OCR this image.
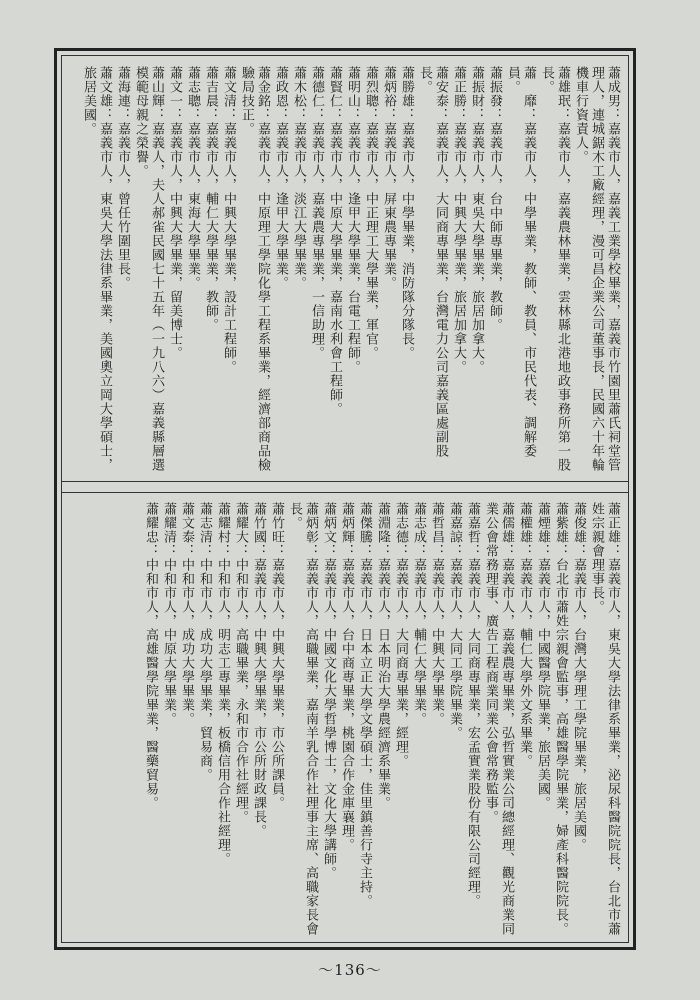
蕭成男：嘉義市人，嘉義工業學校畢業，嘉義市竹園里蕭氏祠堂管理人，連城鋸木工廠經理，漫可昌企業公司董事長，民國六十年輪機車行資責人。
蕭雄珉：嘉義市人，嘉義農林畢業，雲林縣北港地政事務所第一股長。
蕭　靡：嘉義市人，中學畢業，教師、教員、市民代表、調解委員。
蕭振發：嘉義市人，台中師專畢業，教師。
蕭振財：嘉義市人，東吳大學畢業，旅居加拿大。
蕭正勝：嘉義市人，中興大學畢業，旅居加拿大。
蕭安泰：嘉義市人，大同商專畢業，台灣電力公司嘉義區處副股長。
蕭勝雄：嘉義市人，中學畢業，消防隊分隊長。
蕭炳裕：嘉義市人，屏東農專畢業。
蕭烈聰：嘉義市人，中正理工大學畢業，軍官。
蕭明山：嘉義市人，逢甲大學畢業，台電工程師。
蕭賢仁：嘉義市人，中原大學畢業，嘉南水利會工程師。
蕭德仁：嘉義市人，嘉義農專畢業，一信助理。
蕭木松：嘉義市人，淡江大學畢業。
蕭政恩：嘉義市人，逢甲大學畢業。
蕭金銘：嘉義市人，中原理工學院化學工程系畢業，經濟部商品檢驗局技正。
蕭文清：嘉義市人，中興大學畢業，設計工程師。
蕭吉晨：嘉義市人，輔仁大學畢業，教師。
蕭志聰：嘉義市人，東海大學畢業。
蕭文一：嘉義市人，中興大學畢業，留美博士。
蕭山輝：嘉義人，夫人郝雀民國七十五年（一九八六）嘉義縣層選模範母親之榮譽。
蕭海連：嘉義市人，曾任竹圍里長。
蕭文雄：嘉義市人，東吳大學法律系畢業，美國奧立岡大學碩士，旅居美國。
蕭正雄：嘉義市人，東吳大學法律系畢業，泌尿科醫院院長，台北市蕭姓宗親會理事長。
蕭俊雄：嘉義市人，台灣大學理工學院畢業，旅居美國。
蕭紫雄：台北市蕭姓宗親會監事，高雄醫學院畢業，婦產科醫院院長。
蕭煙雄：嘉義市人，中國醫學院畢業，旅居美國。
蕭權雄：嘉義市人，輔仁大學外文系畢業。
蕭儒雄：嘉義市人，嘉義農專畢業，弘哲實業公司總經理、觀光商業同業公會常務理事、廣告工程商業同業公會常務監事。
蕭嘉哲：嘉義市人，大同商專畢業，宏孟實業股份有限公司經理。
蕭嘉諒：嘉義市人，大同工學院畢業。
蕭哲昌：嘉義市人，中興大學畢業。
蕭志成：嘉義市人，輔仁大學畢業。
蕭志德：嘉義市人，大同商專畢業，經理。
蕭淵隆：嘉義市人，日本明治大學農經濟系畢業。
蕭傑騰：嘉義市人，日本立正大學文學碩士，佳里鎮善行寺主持。
蕭炳輝：嘉義市人，台中商專畢業，桃園合作金庫襄理。
蕭炳文：嘉義市人，中國文化大學哲學博士，文化大學講師。
蕭炳彰：嘉義市人，高職畢業，嘉南羊乳合作社理事主席、高職家長會長。
蕭竹旺：嘉義市人，中興大學畢業，市公所課員。
蕭竹國：嘉義市人，中興大學畢業，市公所財政課長。
蕭耀大：中和市人，高職畢業，永和市合作社經理。
蕭耀村：中和市人，明志工專畢業，板橋信用合作社經理。
蕭志清：中和市人，成功大學畢業，貿易商。
蕭文泰：中和市人，成功大學畢業。
蕭耀清：中和市人，中原大學畢業。
蕭耀忠：中和市人，高雄醫學院畢業，醫藥貿易。
～136～
